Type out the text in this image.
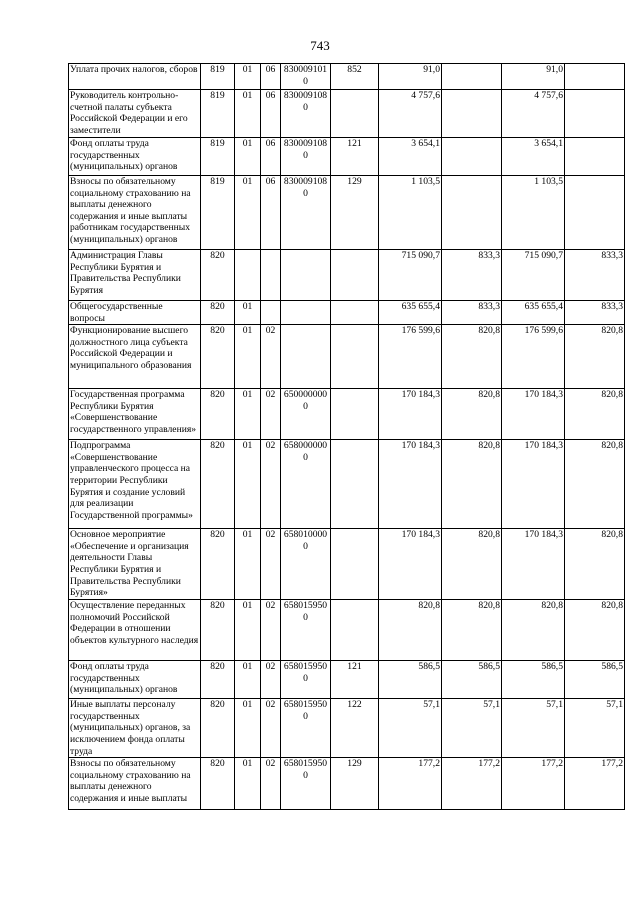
743
Уплата прочих налогов, сборов	819	01	06	8300091010	852	91,0		91,0	
Руководитель контрольно-счетной палаты субъекта Российской Федерации и его заместители	819	01	06	8300091080		4 757,6		4 757,6	
Фонд оплаты труда государственных (муниципальных) органов	819	01	06	8300091080	121	3 654,1		3 654,1	
Взносы по обязательному социальному страхованию на выплаты денежного содержания и иные выплаты работникам государственных (муниципальных) органов	819	01	06	8300091080	129	1 103,5		1 103,5	
Администрация Главы Республики Бурятия и Правительства Республики Бурятия	820					715 090,7	833,3	715 090,7	833,3
Общегосударственные вопросы	820	01				635 655,4	833,3	635 655,4	833,3
Функционирование высшего должностного лица субъекта Российской Федерации и муниципального образования	820	01	02			176 599,6	820,8	176 599,6	820,8
Государственная программа Республики Бурятия «Совершенствование государственного управления»	820	01	02	6500000000		170 184,3	820,8	170 184,3	820,8
Подпрограмма «Совершенствование управленческого процесса на территории Республики Бурятия и создание условий для реализации Государственной программы»	820	01	02	6580000000		170 184,3	820,8	170 184,3	820,8
Основное мероприятие «Обеспечение и организация деятельности Главы Республики Бурятия и Правительства Республики Бурятия»	820	01	02	6580100000		170 184,3	820,8	170 184,3	820,8
Осуществление переданных полномочий Российской Федерации в отношении объектов культурного наследия	820	01	02	6580159500		820,8	820,8	820,8	820,8
Фонд оплаты труда государственных (муниципальных) органов	820	01	02	6580159500	121	586,5	586,5	586,5	586,5
Иные выплаты персоналу государственных (муниципальных) органов, за исключением фонда оплаты труда	820	01	02	6580159500	122	57,1	57,1	57,1	57,1
Взносы по обязательному социальному страхованию на выплаты денежного содержания и иные выплаты	820	01	02	6580159500	129	177,2	177,2	177,2	177,2
